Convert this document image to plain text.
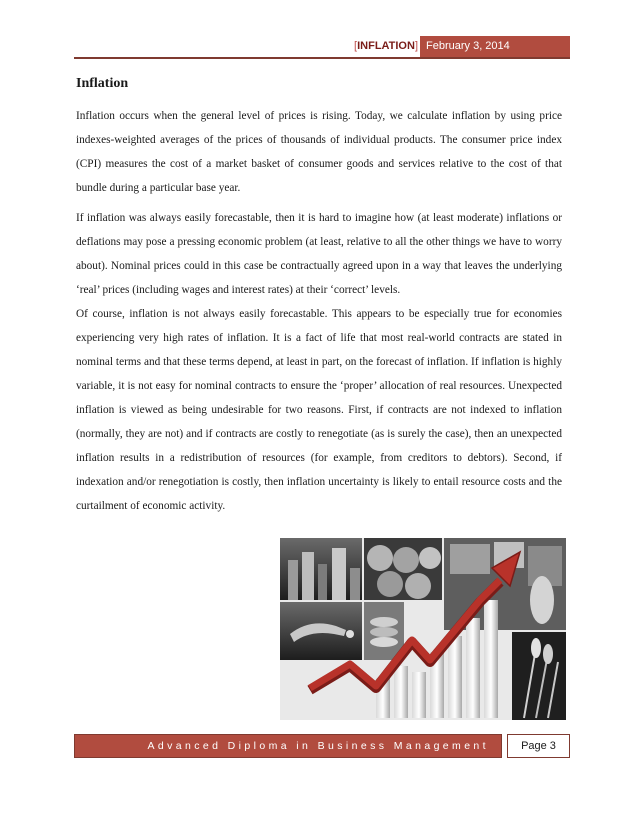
[INFLATION] February 3, 2014
Inflation

Inflation occurs when the general level of prices is rising. Today, we calculate inflation by using price indexes-weighted averages of the prices of thousands of individual products. The consumer price index (CPI) measures the cost of a market basket of consumer goods and services relative to the cost of that bundle during a particular base year.

If inflation was always easily forecastable, then it is hard to imagine how (at least moderate) inflations or deflations may pose a pressing economic problem (at least, relative to all the other things we have to worry about). Nominal prices could in this case be contractually agreed upon in a way that leaves the underlying ‘real’ prices (including wages and interest rates) at their ‘correct’ levels.

Of course, inflation is not always easily forecastable. This appears to be especially true for economies experiencing very high rates of inflation. It is a fact of life that most real-world contracts are stated in nominal terms and that these terms depend, at least in part, on the forecast of inflation. If inflation is highly variable, it is not easy for nominal contracts to ensure the ‘proper’ allocation of real resources. Unexpected inflation is viewed as being undesirable for two reasons. First, if contracts are not indexed to inflation (normally, they are not) and if contracts are costly to renegotiate (as is surely the case), then an unexpected inflation results in a redistribution of resources (for example, from creditors to debtors). Second, if indexation and/or renegotiation is costly, then inflation uncertainty is likely to entail resource costs and the curtailment of economic activity.

Advanced Diploma in Business Management	Page 3
